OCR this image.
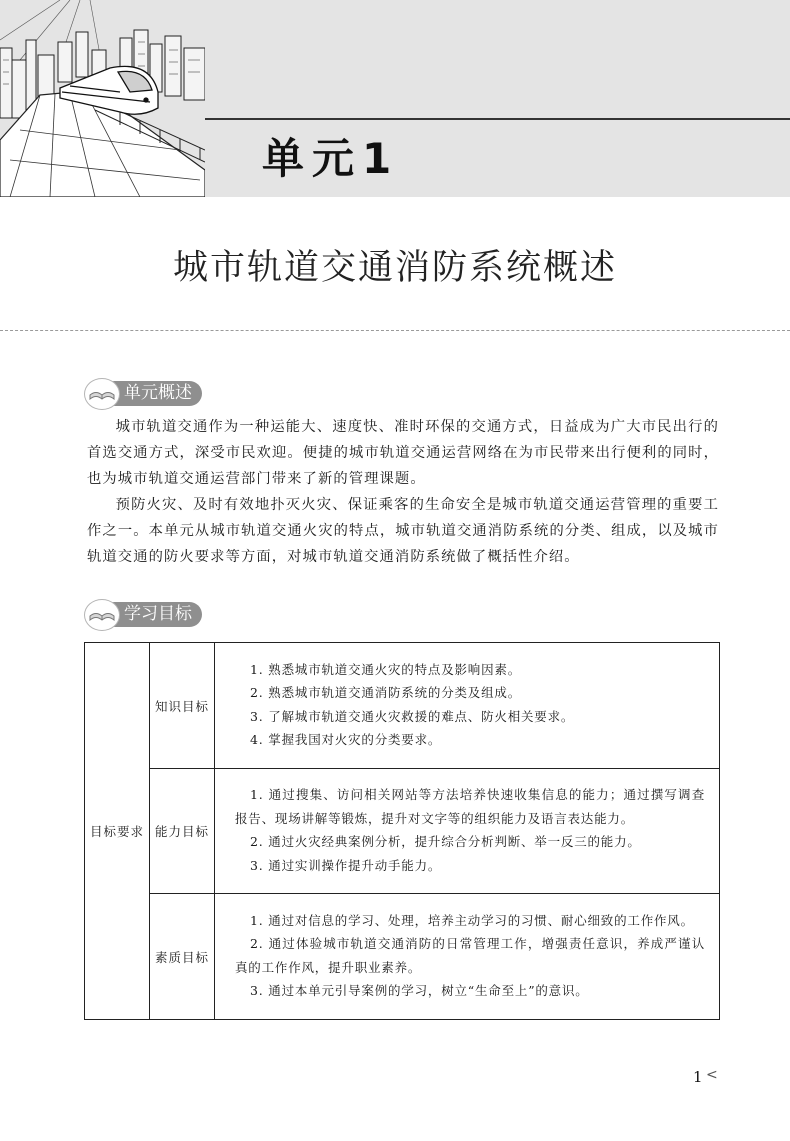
单元1
城市轨道交通消防系统概述
单元概述

城市轨道交通作为一种运能大、速度快、准时环保的交通方式，日益成为广大市民出行的首选交通方式，深受市民欢迎。便捷的城市轨道交通运营网络在为市民带来出行便利的同时，也为城市轨道交通运营部门带来了新的管理课题。

预防火灾、及时有效地扑灭火灾、保证乘客的生命安全是城市轨道交通运营管理的重要工作之一。本单元从城市轨道交通火灾的特点，城市轨道交通消防系统的分类、组成，以及城市轨道交通的防火要求等方面，对城市轨道交通消防系统做了概括性介绍。

学习目标
目标要求	知识目标	1. 熟悉城市轨道交通火灾的特点及影响因素。

2. 熟悉城市轨道交通消防系统的分类及组成。

3. 了解城市轨道交通火灾救援的难点、防火相关要求。

4. 掌握我国对火灾的分类要求。

	能力目标	1. 通过搜集、访问相关网站等方法培养快速收集信息的能力；通过撰写调查报告、现场讲解等锻炼，提升对文字等的组织能力及语言表达能力。

2. 通过火灾经典案例分析，提升综合分析判断、举一反三的能力。

3. 通过实训操作提升动手能力。

	素质目标	1. 通过对信息的学习、处理，培养主动学习的习惯、耐心细致的工作作风。

2. 通过体验城市轨道交通消防的日常管理工作，增强责任意识，养成严谨认真的工作作风，提升职业素养。

3. 通过本单元引导案例的学习，树立“生命至上”的意识。

1 <
